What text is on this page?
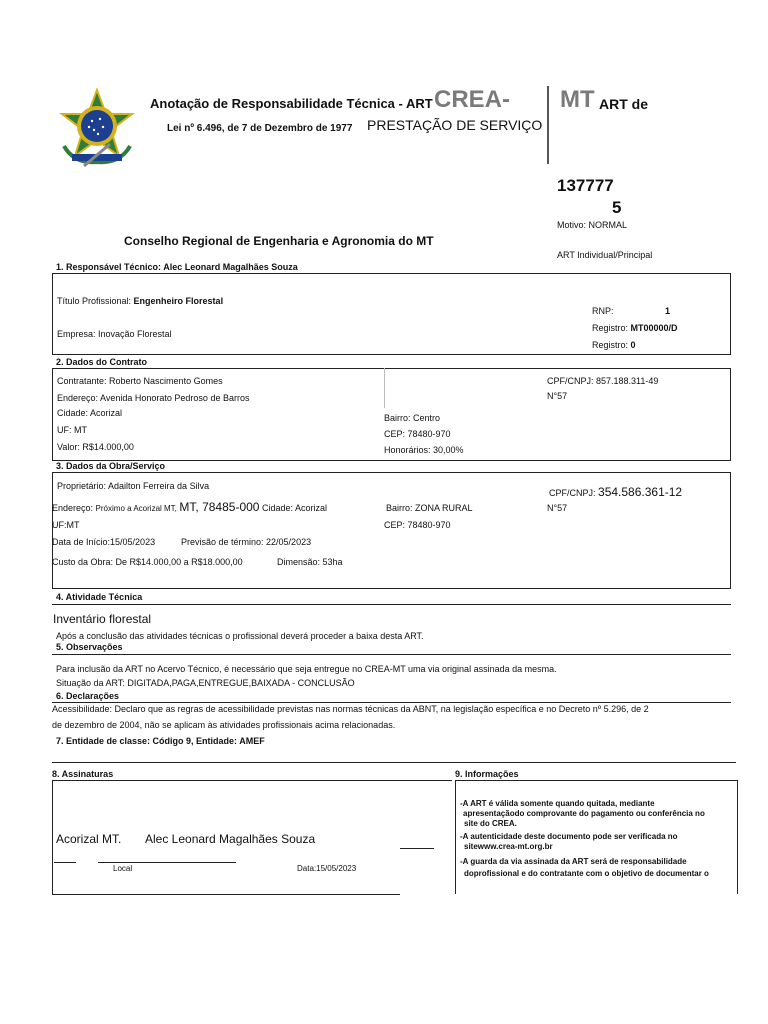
Anotação de Responsabilidade Técnica - ART CREA-
Lei nº 6.496, de 7 de Dezembro de 1977 PRESTAÇÃO DE SERVIÇO
MT ART de
137777
5
Motivo: NORMAL
Conselho Regional de Engenharia e Agronomia do MT
ART Individual/Principal
1. Responsável Técnico: Alec Leonard Magalhães Souza
Título Profissional: Engenheiro Florestal
Empresa: Inovação Florestal
RNP:	1
Registro: MT00000/D
Registro: 0
2. Dados do Contrato
Contratante: Roberto Nascimento Gomes	CPF/CNPJ: 857.188.311-49
Endereço: Avenida Honorato Pedroso de Barros	N°57
Cidade: Acorizal	Bairro: Centro
UF: MT	CEP: 78480-970
Valor: R$14.000,00	Honorários: 30,00%
3. Dados da Obra/Serviço
Proprietário: Adailton Ferreira da Silva
CPF/CNPJ: 354.586.361-12
Endereço: Próximo a Acorizal MT, MT, 78485-000 Cidade: Acorizal	Bairro: ZONA RURAL	N°57
UF:MT	CEP: 78480-970
Data de Início:15/05/2023	Previsão de término: 22/05/2023
Custo da Obra: De R$14.000,00 a R$18.000,00	Dimensão: 53ha
4. Atividade Técnica
Inventário florestal
Após a conclusão das atividades técnicas o profissional deverá proceder a baixa desta ART.
5. Observações
Para inclusão da ART no Acervo Técnico, é necessário que seja entregue no CREA-MT uma via original assinada da mesma.
Situação da ART: DIGITADA,PAGA,ENTREGUE,BAIXADA - CONCLUSÃO
6. Declarações
Acessibilidade: Declaro que as regras de acessibilidade previstas nas normas técnicas da ABNT, na legislação específica e no Decreto nº 5.296, de 2
de dezembro de 2004, não se aplicam às atividades profissionais acima relacionadas.
7. Entidade de classe: Código 9, Entidade: AMEF
8. Assinaturas
Acorizal MT. Alec Leonard Magalhães Souza
Local	Data:15/05/2023
9. Informações
-A ART é válida somente quando quitada, mediante
apresentaçãodo comprovante do pagamento ou conferência no
site do CREA.
-A autenticidade deste documento pode ser verificada no
sitewww.crea-mt.org.br
-A guarda da via assinada da ART será de responsabilidade
doprofissional e do contratante com o objetivo de documentar o
